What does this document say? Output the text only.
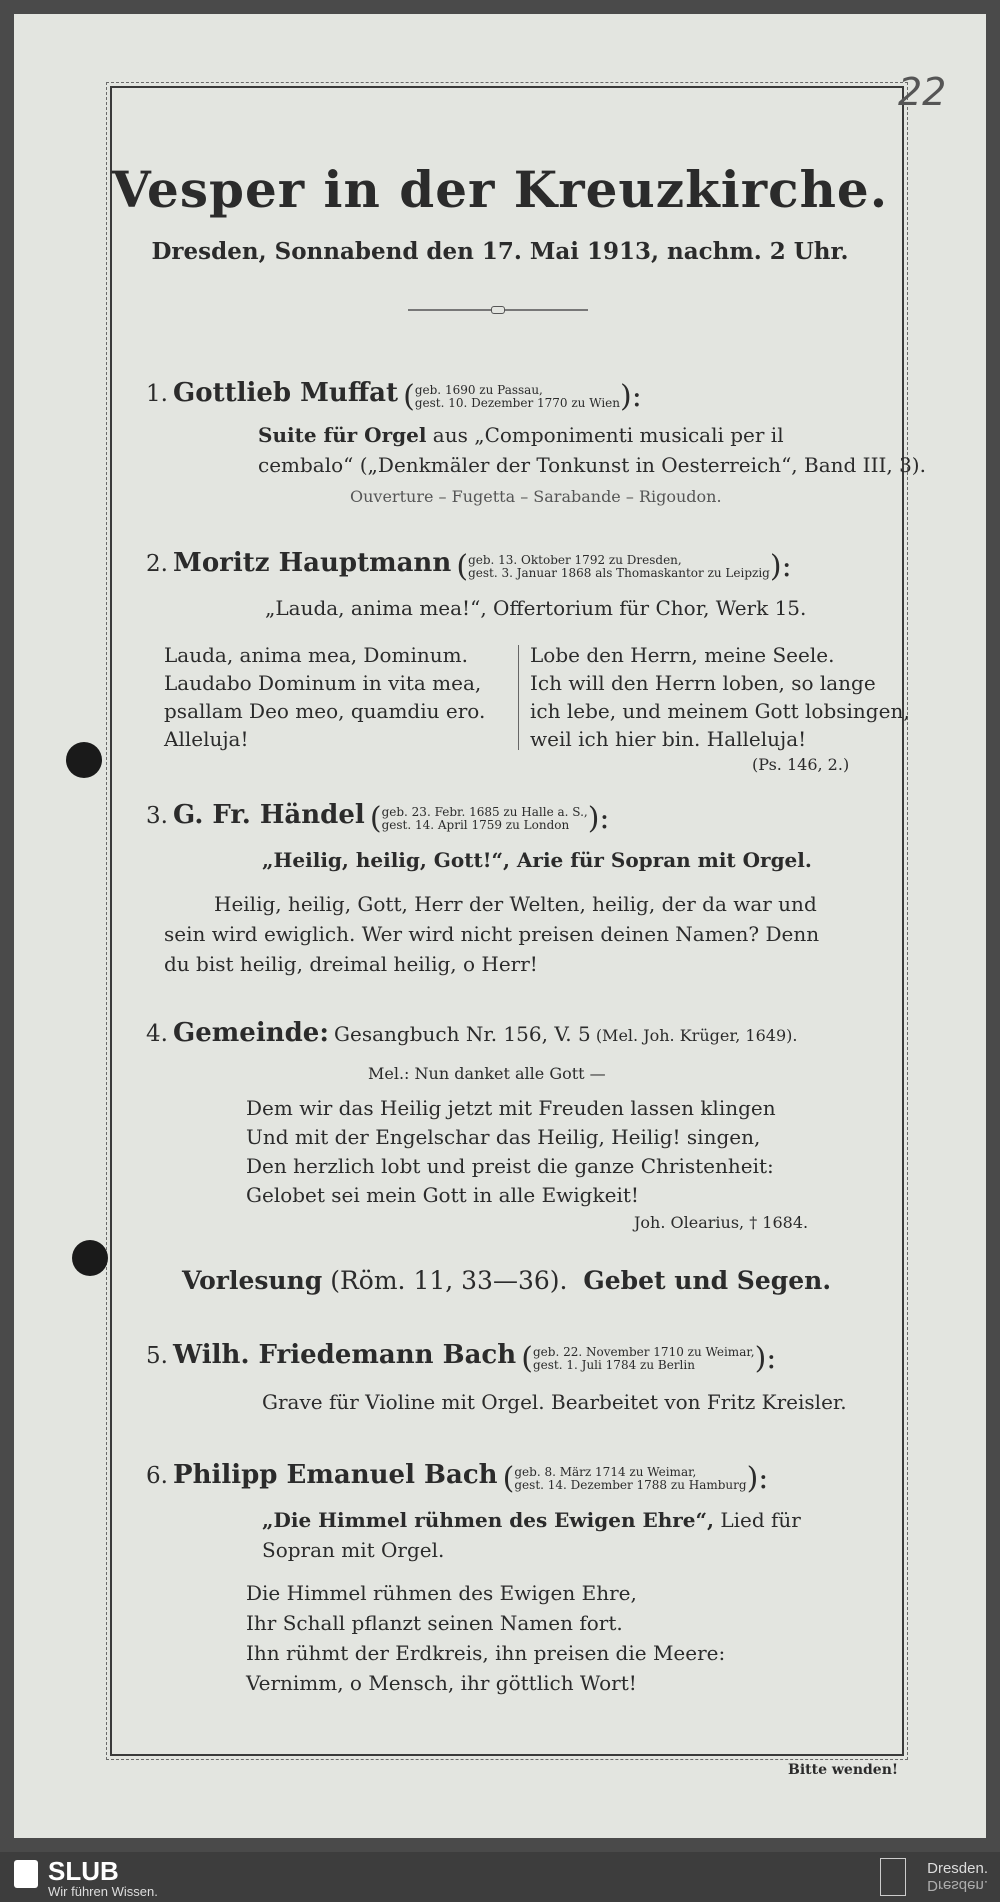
22
Vesper in der Kreuzkirche.
Dresden, Sonnabend den 17. Mai 1913, nachm. 2 Uhr.
1. Gottlieb Muffat (geb. 1690 zu Passau,
gest. 10. Dezember 1770 zu Wien):
Suite für Orgel aus „Componimenti musicali per il
cembalo“ („Denkmäler der Tonkunst in Oesterreich“, Band III, 3).
Ouverture – Fugetta – Sarabande – Rigoudon.
2. Moritz Hauptmann (geb. 13. Oktober 1792 zu Dresden,
gest. 3. Januar 1868 als Thomaskantor zu Leipzig):
„Lauda, anima mea!“, Offertorium für Chor, Werk 15.
Lauda, anima mea, Dominum.
Laudabo Dominum in vita mea,
psallam Deo meo, quamdiu ero.
Alleluja!
Lobe den Herrn, meine Seele.
Ich will den Herrn loben, so lange
ich lebe, und meinem Gott lobsingen,
weil ich hier bin. Halleluja!
(Ps. 146, 2.)
3. G. Fr. Händel (geb. 23. Febr. 1685 zu Halle a. S.,
gest. 14. April 1759 zu London ):
„Heilig, heilig, Gott!“, Arie für Sopran mit Orgel.
Heilig, heilig, Gott, Herr der Welten, heilig, der da war und
sein wird ewiglich. Wer wird nicht preisen deinen Namen? Denn
du bist heilig, dreimal heilig, o Herr!
4. Gemeinde: Gesangbuch Nr. 156, V. 5 (Mel. Joh. Krüger, 1649).
Mel.: Nun danket alle Gott —
Dem wir das Heilig jetzt mit Freuden lassen klingen
Und mit der Engelschar das Heilig, Heilig! singen,
Den herzlich lobt und preist die ganze Christenheit:
Gelobet sei mein Gott in alle Ewigkeit!
Joh. Olearius, † 1684.
Vorlesung (Röm. 11, 33—36). Gebet und Segen.
5. Wilh. Friedemann Bach (geb. 22. November 1710 zu Weimar,
gest. 1. Juli 1784 zu Berlin ):
Grave für Violine mit Orgel. Bearbeitet von Fritz Kreisler.
6. Philipp Emanuel Bach (geb. 8. März 1714 zu Weimar,
gest. 14. Dezember 1788 zu Hamburg):
„Die Himmel rühmen des Ewigen Ehre“, Lied für
Sopran mit Orgel.
Die Himmel rühmen des Ewigen Ehre,
Ihr Schall pflanzt seinen Namen fort.
Ihn rühmt der Erdkreis, ihn preisen die Meere:
Vernimm, o Mensch, ihr göttlich Wort!
Bitte wenden!
SLUB
Wir führen Wissen.
Dresden.
Dresden.
